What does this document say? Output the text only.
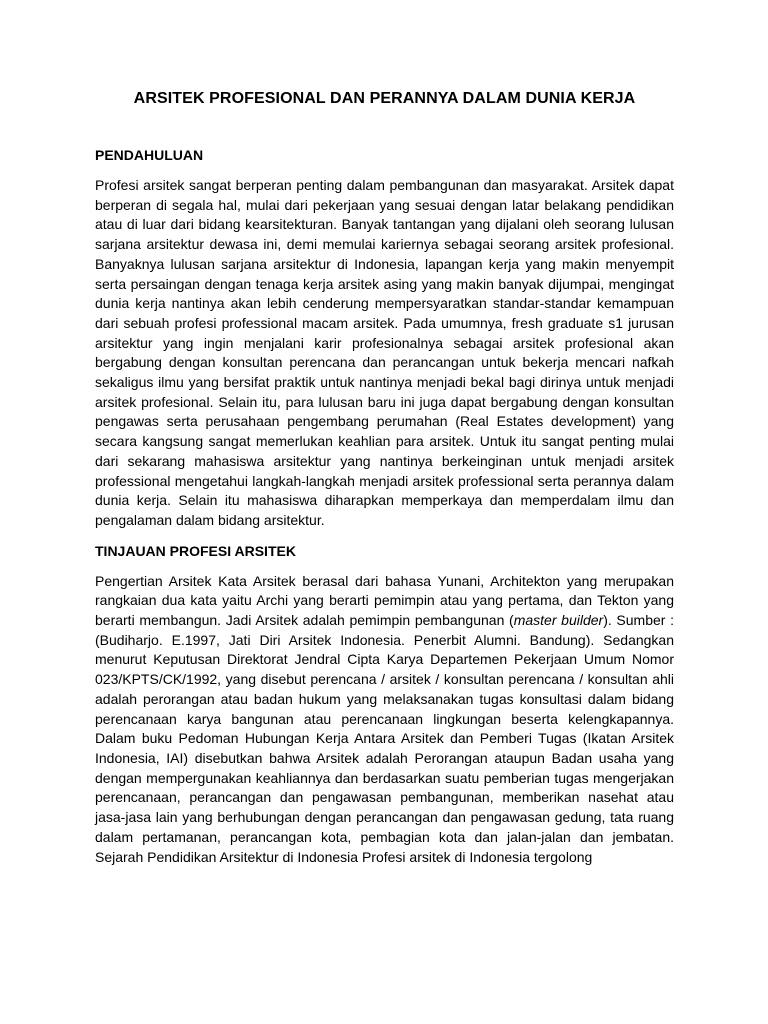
ARSITEK PROFESIONAL DAN PERANNYA DALAM DUNIA KERJA
PENDAHULUAN

Profesi arsitek sangat berperan penting dalam pembangunan dan masyarakat. Arsitek dapat berperan di segala hal, mulai dari pekerjaan yang sesuai dengan latar belakang pendidikan atau di luar dari bidang kearsitekturan. Banyak tantangan yang dijalani oleh seorang lulusan sarjana arsitektur dewasa ini, demi memulai kariernya sebagai seorang arsitek profesional. Banyaknya lulusan sarjana arsitektur di Indonesia, lapangan kerja yang makin menyempit serta persaingan dengan tenaga kerja arsitek asing yang makin banyak dijumpai, mengingat dunia kerja nantinya akan lebih cenderung mempersyaratkan standar-standar kemampuan dari sebuah profesi professional macam arsitek. Pada umumnya, fresh graduate s1 jurusan arsitektur yang ingin menjalani karir profesionalnya sebagai arsitek profesional akan bergabung dengan konsultan perencana dan perancangan untuk bekerja mencari nafkah sekaligus ilmu yang bersifat praktik untuk nantinya menjadi bekal bagi dirinya untuk menjadi arsitek profesional. Selain itu, para lulusan baru ini juga dapat bergabung dengan konsultan pengawas serta perusahaan pengembang perumahan (Real Estates development) yang secara kangsung sangat memerlukan keahlian para arsitek. Untuk itu sangat penting mulai dari sekarang mahasiswa arsitektur yang nantinya berkeinginan untuk menjadi arsitek professional mengetahui langkah-langkah menjadi arsitek professional serta perannya dalam dunia kerja. Selain itu mahasiswa diharapkan memperkaya dan memperdalam ilmu dan pengalaman dalam bidang arsitektur.

TINJAUAN PROFESI ARSITEK

Pengertian Arsitek Kata Arsitek berasal dari bahasa Yunani, Architekton yang merupakan rangkaian dua kata yaitu Archi yang berarti pemimpin atau yang pertama, dan Tekton yang berarti membangun. Jadi Arsitek adalah pemimpin pembangunan (master builder). Sumber : (Budiharjo. E.1997, Jati Diri Arsitek Indonesia. Penerbit Alumni. Bandung). Sedangkan menurut Keputusan Direktorat Jendral Cipta Karya Departemen Pekerjaan Umum Nomor 023/KPTS/CK/1992, yang disebut perencana / arsitek / konsultan perencana / konsultan ahli adalah perorangan atau badan hukum yang melaksanakan tugas konsultasi dalam bidang perencanaan karya bangunan atau perencanaan lingkungan beserta kelengkapannya. Dalam buku Pedoman Hubungan Kerja Antara Arsitek dan Pemberi Tugas (Ikatan Arsitek Indonesia, IAI) disebutkan bahwa Arsitek adalah Perorangan ataupun Badan usaha yang dengan mempergunakan keahliannya dan berdasarkan suatu pemberian tugas mengerjakan perencanaan, perancangan dan pengawasan pembangunan, memberikan nasehat atau jasa-jasa lain yang berhubungan dengan perancangan dan pengawasan gedung, tata ruang dalam pertamanan, perancangan kota, pembagian kota dan jalan-jalan dan jembatan. Sejarah Pendidikan Arsitektur di Indonesia Profesi arsitek di Indonesia tergolong
